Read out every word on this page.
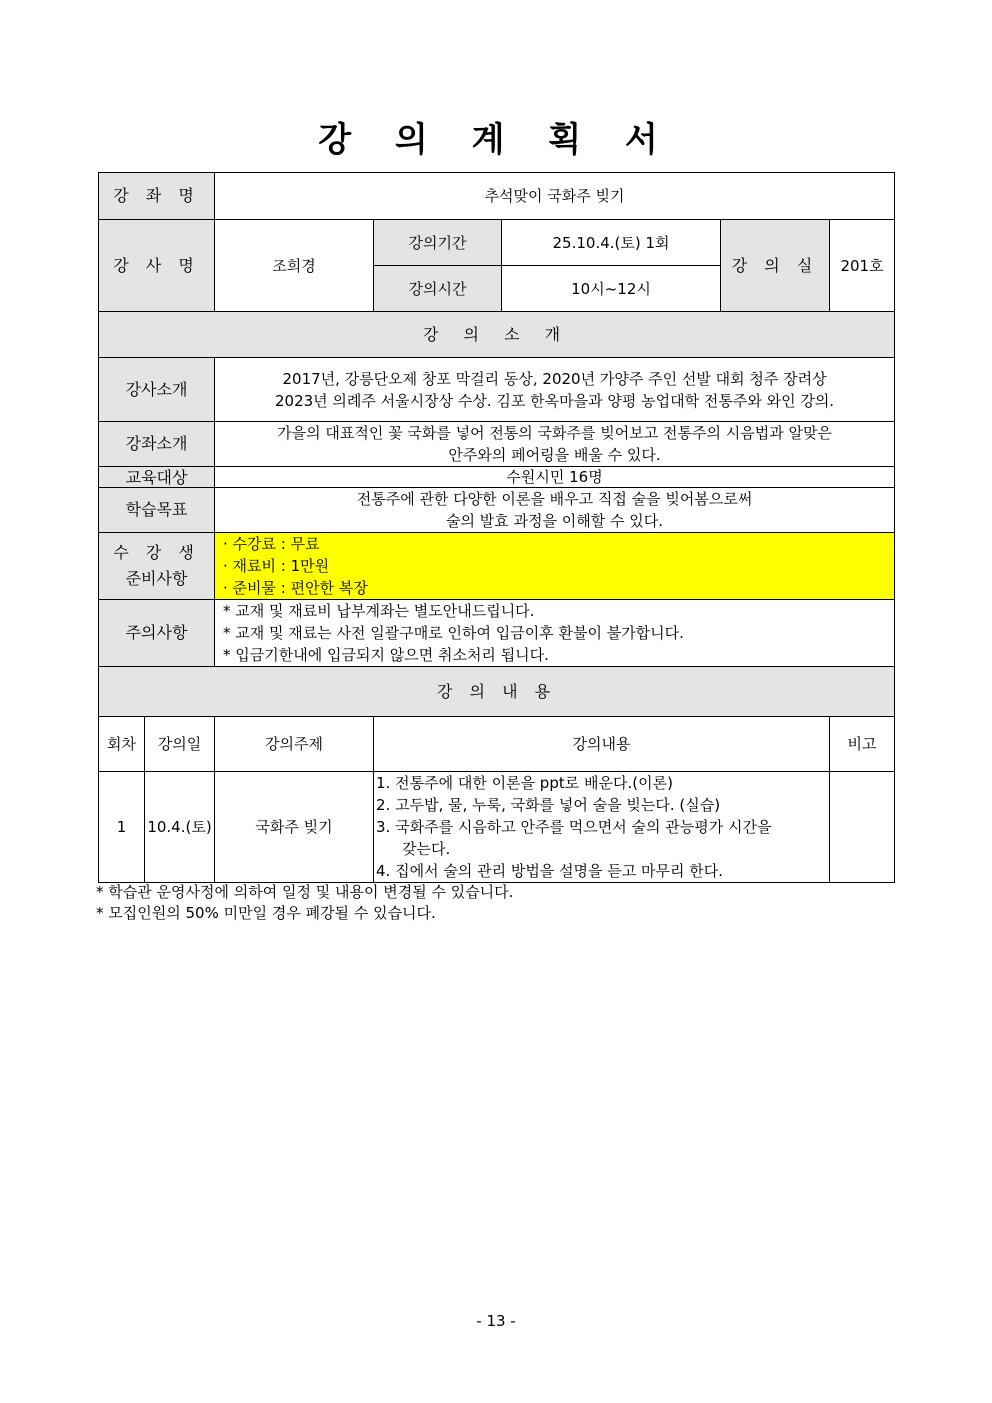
강 의 계 획 서
강 좌 명		추석맞이 국화주 빚기				
강 사 명		조희경	강의기간	25.10.4.(토) 1회	강 의 실	201호
			강의시간	10시~12시		
강 의 소 개						
강사소개		2017년, 강릉단오제 창포 막걸리 동상, 2020년 가양주 주인 선발 대회 청주 장려상
2023년 의례주 서울시장상 수상. 김포 한옥마을과 양평 농업대학 전통주와 와인 강의.				

강좌소개		가을의 대표적인 꽃 국화를 넣어 전통의 국화주를 빚어보고 전통주의 시음법과 알맞은
안주와의 페어링을 배울 수 있다.				

교육대상		수원시민 16명				
학습목표		전통주에 관한 다양한 이론을 배우고 직접 술을 빚어봄으로써
술의 발효 과정을 이해할 수 있다.				

수 강 생
준비사항		· 수강료 : 무료
· 재료비 : 1만원
· 준비물 : 편안한 복장				

주의사항		* 교재 및 재료비 납부계좌는 별도안내드립니다.
* 교재 및 재료는 사전 일괄구매로 인하여 입금이후 환불이 불가합니다.
* 입금기한내에 입금되지 않으면 취소처리 됩니다.				

강 의 내 용						
회차	강의일	강의주제	강의내용			비고
1	10.4.(토)	국화주 빚기	1. 전통주에 대한 이론을 ppt로 배운다.(이론)
2. 고두밥, 물, 누룩, 국화를 넣어 술을 빚는다. (실습)
3. 국화주를 시음하고 안주를 먹으면서 술의 관능평가 시간을
갖는다.
4. 집에서 술의 관리 방법을 설명을 듣고 마무리 한다.			

* 학습관 운영사정에 의하여 일정 및 내용이 변경될 수 있습니다.
* 모집인원의 50% 미만일 경우 폐강될 수 있습니다.
- 13 -
